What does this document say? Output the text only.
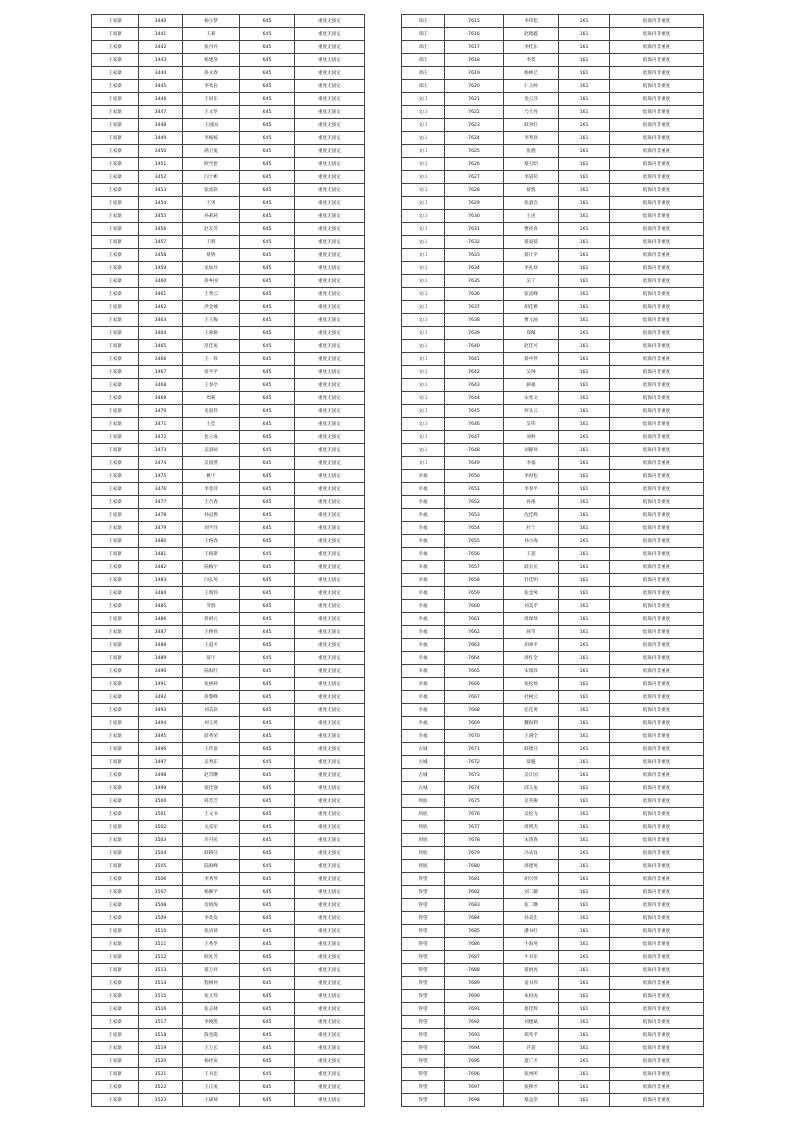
王家寨	3440	杨小梦	645	重度无固定
王家寨	3441	王莉	645	重度无固定
王家寨	3442	张丹丹	645	重度无固定
王家寨	3443	杨建洛	645	重度无固定
王家寨	3444	蒋永春	645	重度无固定
王家寨	3445	李兆岩	645	重度无固定
王家寨	3446	王同东	645	重度无固定
王家寨	3447	王文华	645	重度无固定
王家寨	3448	王国国	645	重度无固定
王家寨	3449	李嫣嫣	645	重度无固定
王家寨	3450	满卫兔	645	重度无固定
王家寨	3451	欧学思	645	重度无固定
王家寨	3452	闫士彬	645	重度无固定
王家寨	3453	张富彩	645	重度无固定
王家寨	3454	王男	645	重度无固定
王家寨	3455	孙莉莉	645	重度无固定
王家寨	3456	赵友芳	645	重度无固定
王家寨	3457	王辉	645	重度无固定
王家寨	3458	蔡娇	645	重度无固定
王家寨	3459	龙如丹	645	重度无固定
王家寨	3460	蒋乡国	645	重度无固定
王家寨	3461	王秀云	645	重度无固定
王家寨	3462	洪金城	645	重度无固定
王家寨	3463	王玉梅	645	重度无固定
王家寨	3464	王翠格	645	重度无固定
王家寨	3465	范佳兔	645	重度无固定
王家寨	3466	王一珍	645	重度无固定
王家寨	3467	蒋平平	645	重度无固定
王家寨	3468	王春亭	645	重度无固定
王家寨	3469	周莉	645	重度无固定
王家寨	3470	史晨伟	645	重度无固定
王家寨	3471	王佳	645	重度无固定
王家寨	3472	包子成	645	重度无固定
王家寨	3473	吴晨硕	645	重度无固定
王家寨	3474	吴晨然	645	重度无固定
王家寨	3475	姚宇	645	重度无固定
王家寨	3476	李金萍	645	重度无固定
王家寨	3477	王召春	645	重度无固定
王家寨	3478	孙冠典	645	重度无固定
王家寨	3479	刘平洋	645	重度无固定
王家寨	3480	王格春	645	重度无固定
王家寨	3481	王格斯	645	重度无固定
王家寨	3482	陆梅宇	645	重度无固定
王家寨	3483	闫长英	645	重度无固定
王家寨	3484	王瑞伟	645	重度无固定
王家寨	3485	罗群	645	重度无固定
王家寨	3486	蒋祖元	645	重度无固定
王家寨	3487	王捧伟	645	重度无固定
王家寨	3488	王道才	645	重度无固定
王家寨	3489	薛宇	645	重度无固定
王家寨	3490	陆海红	645	重度无固定
王家寨	3491	张树莉	645	重度无固定
王家寨	3492	蒋黎峰	645	重度无固定
王家寨	3493	刘美彩	645	重度无固定
王家寨	3494	刘玉英	645	重度无固定
王家寨	3495	薛秀荣	645	重度无固定
王家寨	3496	王传富	645	重度无固定
王家寨	3497	吴秀东	645	重度无固定
王家寨	3498	赵苛曙	645	重度无固定
王家寨	3499	裴佳强	645	重度无固定
王家寨	3500	韩芳芝	645	重度无固定
王家寨	3501	王文书	645	重度无固定
王家寨	3502	关彦军	645	重度无固定
王家寨	3503	许丹民	645	重度无固定
王家寨	3504	薛耕芬	645	重度无固定
王家寨	3505	陆海峰	645	重度无固定
王家寨	3506	李秀琴	645	重度无固定
王家寨	3507	杨顺平	645	重度无固定
王家寨	3508	房炳海	645	重度无固定
王家寨	3509	李兆发	645	重度无固定
王家寨	3510	张清荷	645	重度无固定
王家寨	3511	王秀华	645	重度无固定
王家寨	3512	欧礼芳	645	重度无固定
王家寨	3513	蔡万祥	645	重度无固定
王家寨	3514	程相何	645	重度无固定
王家寨	3515	张元伟	645	重度无固定
王家寨	3516	张志林	645	重度无固定
王家寨	3517	李俊凯	645	重度无固定
王家寨	3518	殷宽霞	645	重度无固定
王家寨	3519	王万长	645	重度无固定
王家寨	3520	杨梓寅	645	重度无固定
王家寨	3521	王书忠	645	重度无固定
王家寨	3522	王正庚	645	重度无固定
王家寨	3523	王锦荷	645	重度无固定
邓庄	7615	李伟松	161	低保内非重度
邓庄	7616	赵德鑫	161	低保内非重度
邓庄	7617	李桂东	161	低保内非重度
邓庄	7618	李贺	161	低保内非重度
邓庄	7619	杨林艺	161	低保内非重度
邓庄	7620	仁玉岭	161	低保内非重度
文口	7621	金云芬	161	低保内非重度
文口	7622	乃天亮	161	低保内非重度
文口	7623	薛喜红	161	低保内非重度
文口	7624	李秀珍	161	低保内非重度
文口	7625	张德	161	低保内非重度
文口	7626	蔡万昭	161	低保内非重度
文口	7627	李道苟	161	低保内非重度
文口	7628	蔡凯	161	低保内非重度
文口	7629	张淑会	161	低保内非重度
文口	7630	王虎	161	低保内非重度
文口	7631	曹祥喜	161	低保内非重度
文口	7632	蔡爱荷	161	低保内非重度
文口	7633	蔡计平	161	低保内非重度
文口	7634	李礼珍	161	低保内非重度
文口	7635	吴丁	161	低保内非重度
文口	7636	张富峰	161	低保内非重度
文口	7637	胡佳棋	161	低保内非重度
文口	7638	曹元画	161	低保内非重度
文口	7639	郑佩	161	低保内非重度
文口	7640	赵佳可	161	低保内非重度
文口	7641	蔡中伴	161	低保内非重度
文口	7642	吴帅	161	低保内非重度
文口	7643	薪福	161	低保内非重度
文口	7644	宋兆文	161	低保内非重度
文口	7645	何头云	161	低保内非重度
文口	7646	吴伟	161	低保内非重度
文口	7647	刘岭	161	低保内非重度
文口	7648	刘静珍	161	低保内非重度
文口	7649	李福	161	低保内非重度
幸福	7650	李祖松	161	低保内非重度
幸福	7651	李春平	161	低保内非重度
幸福	7652	孙俊	161	低保内非重度
幸福	7653	沈佳辉	161	低保内非重度
幸福	7654	杜宁	161	低保内非重度
幸福	7655	孙小海	161	低保内非重度
幸福	7656	王超	161	低保内非重度
幸福	7657	薛长民	161	低保内非重度
幸福	7658	杜佳明	161	低保内非重度
幸福	7659	张金凤	161	低保内非重度
幸福	7660	刘美平	161	低保内非重度
幸福	7661	周保珍	161	低保内非重度
幸福	7662	韩雪	161	低保内非重度
幸福	7663	胡翠平	161	低保内非重度
幸福	7664	周红全	161	低保内非重度
幸福	7665	宋瑞珍	161	低保内非重度
幸福	7666	张松扬	161	低保内非重度
幸福	7667	杜树云	161	低保内非重度
幸福	7668	任佳男	161	低保内非重度
幸福	7669	魏海利	161	低保内非重度
幸福	7670	王满全	161	低保内非重度
古城	7671	薛捷芬	161	低保内非重度
古城	7672	薛魁	161	低保内非重度
古城	7673	吴计园	161	低保内非重度
古城	7674	邱玉兔	161	低保内非重度
坝底	7675	吴英俊	161	低保内非重度
坝底	7676	吴松飞	161	低保内非重度
坝底	7677	周明杰	161	低保内非重度
坝底	7678	宋清春	161	低保内非重度
坝底	7679	冯省良	161	低保内非重度
坝底	7680	周德凤	161	低保内非重度
得望	7681	胡兴琴	161	低保内非重度
得望	7682	刘二娥	161	低保内非重度
得望	7683	张二曙	161	低保内非重度
得望	7684	孙美生	161	低保内非重度
得望	7685	潘书红	161	低保内非重度
得望	7686	牛海英	161	低保内非重度
得望	7687	牛书军	161	低保内非重度
得望	7688	蔡炳虎	161	低保内非重度
得望	7689	姜书伟	161	低保内非重度
得望	7690	朱绍虎	161	低保内非重度
得望	7691	蔡佳辉	161	低保内非重度
得望	7692	刘德斌	161	低保内非重度
得望	7693	郑兆平	161	低保内非重度
得望	7694	许超	161	低保内非重度
得望	7695	夏广才	161	低保内非重度
得望	7696	张州所	161	低保内非重度
得望	7697	张捧才	161	低保内非重度
得望	7698	蔡益堂	161	低保内非重度
